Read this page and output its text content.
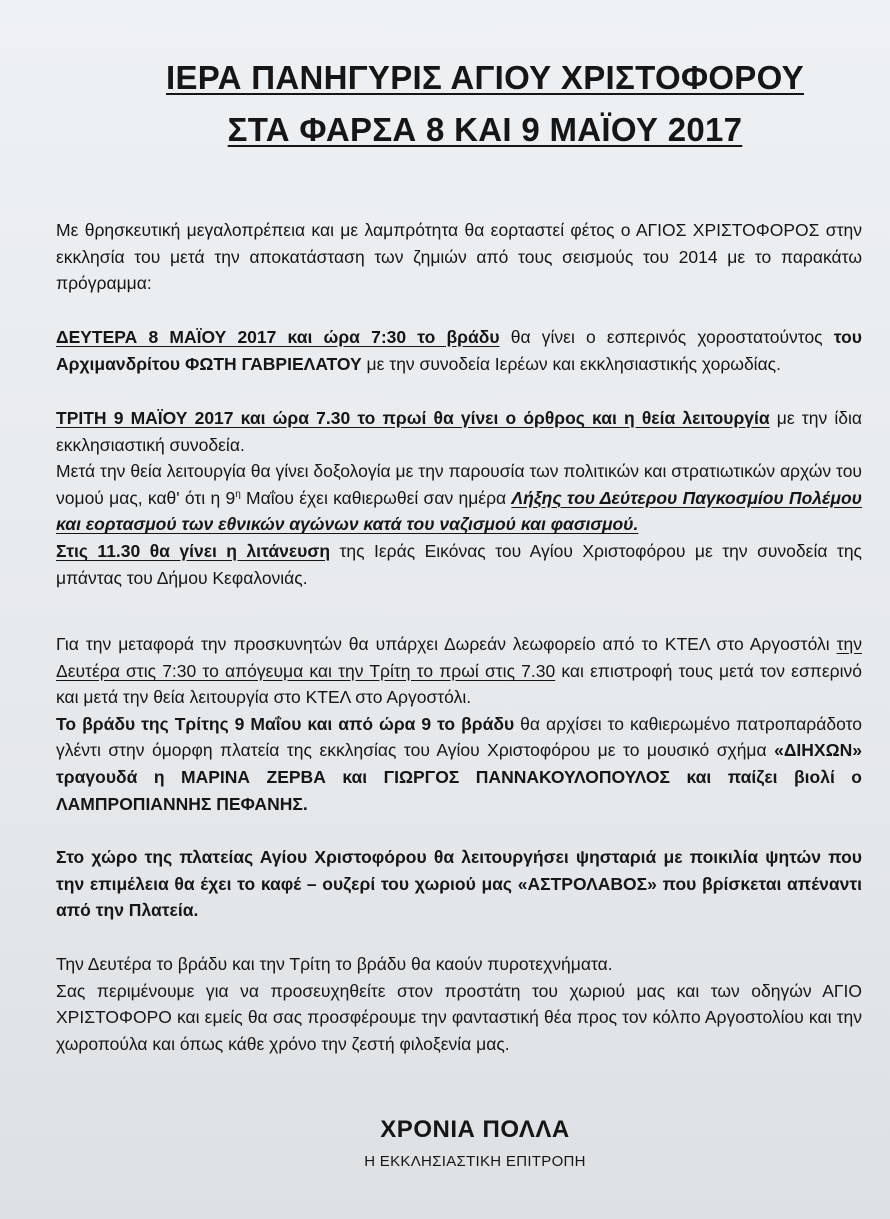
ΙΕΡΑ ΠΑΝΗΓΥΡΙΣ ΑΓΙΟΥ ΧΡΙΣΤΟΦΟΡΟΥ
ΣΤΑ ΦΑΡΣΑ 8 ΚΑΙ 9 ΜΑΪΟΥ 2017

Με θρησκευτική μεγαλοπρέπεια και με λαμπρότητα θα εορταστεί φέτος ο ΑΓΙΟΣ ΧΡΙΣΤΟΦΟΡΟΣ στην εκκλησία του μετά την αποκατάσταση των ζημιών από τους σεισμούς του 2014 με το παρακάτω πρόγραμμα:

ΔΕΥΤΕΡΑ 8 ΜΑΪΟΥ 2017 και ώρα 7:30 το βράδυ θα γίνει ο εσπερινός χοροστατούντος του Αρχιμανδρίτου ΦΩΤΗ ΓΑΒΡΙΕΛΑΤΟΥ με την συνοδεία Ιερέων και εκκλησιαστικής χορωδίας.

ΤΡΙΤΗ 9 ΜΑΪΟΥ 2017 και ώρα 7.30 το πρωί θα γίνει ο όρθρος και η θεία λειτουργία με την ίδια εκκλησιαστική συνοδεία.

Μετά την θεία λειτουργία θα γίνει δοξολογία με την παρουσία των πολιτικών και στρατιωτικών αρχών του νομού μας, καθ' ότι η $9^\eta$ Μαΐου έχει καθιερωθεί σαν ημέρα Λήξης του Δεύτερου Παγκοσμίου Πολέμου και εορτασμού των εθνικών αγώνων κατά του ναζισμού και φασισμού.

Στις 11.30 θα γίνει η λιτάνευση της Ιεράς Εικόνας του Αγίου Χριστοφόρου με την συνοδεία της μπάντας του Δήμου Κεφαλονιάς.

Για την μεταφορά την προσκυνητών θα υπάρχει Δωρεάν λεωφορείο από το ΚΤΕΛ στο Αργοστόλι την Δευτέρα στις 7:30 το απόγευμα και την Τρίτη το πρωί στις 7.30 και επιστροφή τους μετά τον εσπερινό και μετά την θεία λειτουργία στο ΚΤΕΛ στο Αργοστόλι.

Το βράδυ της Τρίτης 9 Μαΐου και από ώρα 9 το βράδυ θα αρχίσει το καθιερωμένο πατροπαράδοτο γλέντι στην όμορφη πλατεία της εκκλησίας του Αγίου Χριστοφόρου με το μουσικό σχήμα «ΔΙΗΧΩΝ» τραγουδά η ΜΑΡΙΝΑ ΖΕΡΒΑ και ΓΙΩΡΓΟΣ ΠΑΝΝΑΚΟΥΛΟΠΟΥΛΟΣ και παίζει βιολί ο ΛΑΜΠΡΟΠΙΑΝΝΗΣ ΠΕΦΑΝΗΣ.

Στο χώρο της πλατείας Αγίου Χριστοφόρου θα λειτουργήσει ψησταριά με ποικιλία ψητών που την επιμέλεια θα έχει το καφέ – ουζερί του χωριού μας «ΑΣΤΡΟΛΑΒΟΣ» που βρίσκεται απέναντι από την Πλατεία.

Την Δευτέρα το βράδυ και την Τρίτη το βράδυ θα καούν πυροτεχνήματα.

Σας περιμένουμε για να προσευχηθείτε στον προστάτη του χωριού μας και των οδηγών ΑΓΙΟ ΧΡΙΣΤΟΦΟΡΟ και εμείς θα σας προσφέρουμε την φανταστική θέα προς τον κόλπο Αργοστολίου και την χωροπούλα και όπως κάθε χρόνο την ζεστή φιλοξενία μας.

ΧΡΟΝΙΑ ΠΟΛΛΑ
Η ΕΚΚΛΗΣΙΑΣΤΙΚΗ ΕΠΙΤΡΟΠΗ
